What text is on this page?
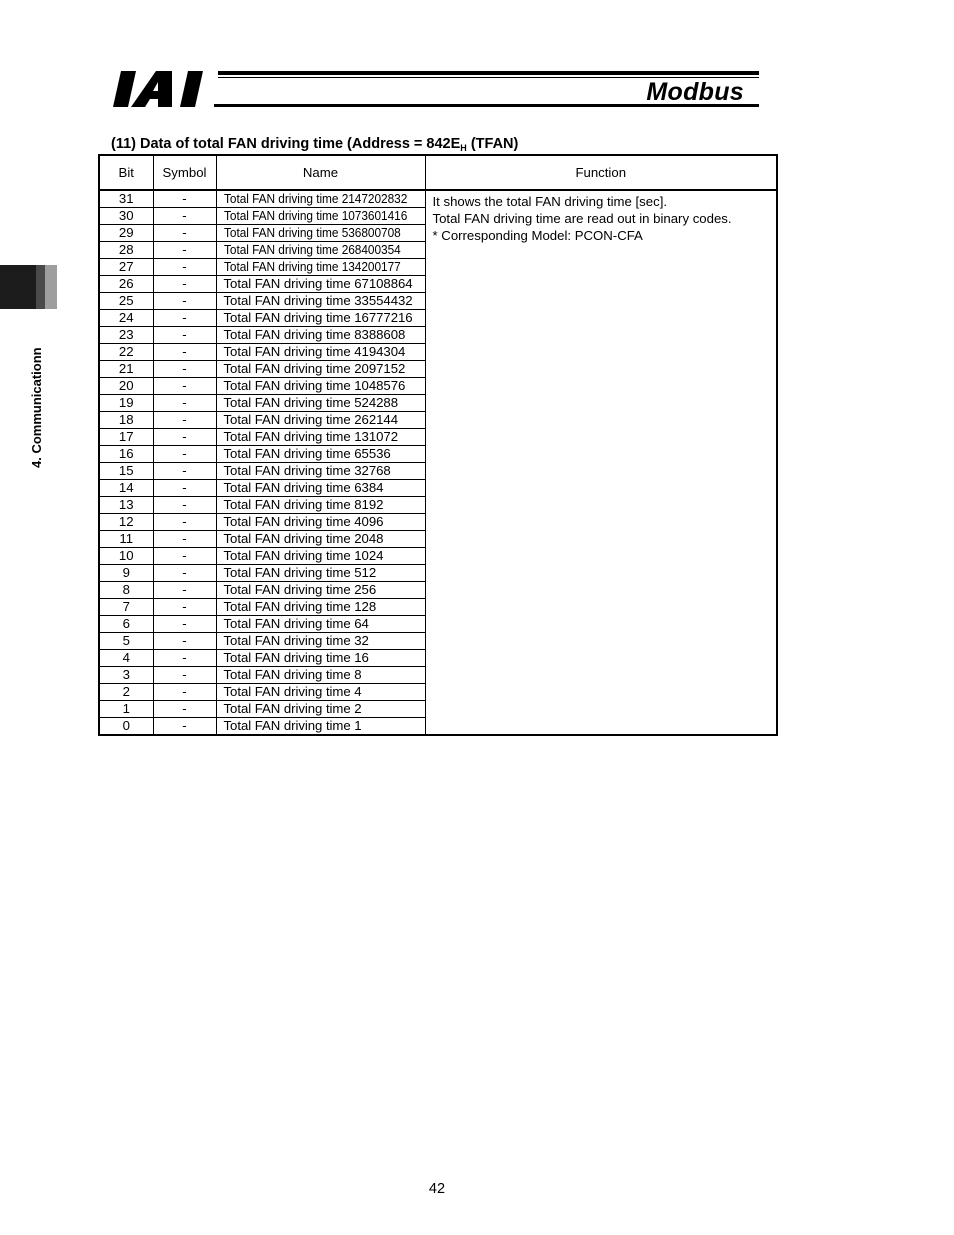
Modbus
4. Communicationn
(11) Data of total FAN driving time (Address = $842E_H$ (TFAN)
Bit	Symbol	Name	Function
31	-	Total FAN driving time 2147202832	It shows the total FAN driving time [sec].
Total FAN driving time are read out in binary codes.
* Corresponding Model: PCON-CFA

30	-	Total FAN driving time 1073601416	
29	-	Total FAN driving time 536800708	
28	-	Total FAN driving time 268400354	
27	-	Total FAN driving time 134200177	
26	-	Total FAN driving time 67108864	
25	-	Total FAN driving time 33554432	
24	-	Total FAN driving time 16777216	
23	-	Total FAN driving time 8388608	
22	-	Total FAN driving time 4194304	
21	-	Total FAN driving time 2097152	
20	-	Total FAN driving time 1048576	
19	-	Total FAN driving time 524288	
18	-	Total FAN driving time 262144	
17	-	Total FAN driving time 131072	
16	-	Total FAN driving time 65536	
15	-	Total FAN driving time 32768	
14	-	Total FAN driving time 6384	
13	-	Total FAN driving time 8192	
12	-	Total FAN driving time 4096	
11	-	Total FAN driving time 2048	
10	-	Total FAN driving time 1024	
9	-	Total FAN driving time 512	
8	-	Total FAN driving time 256	
7	-	Total FAN driving time 128	
6	-	Total FAN driving time 64	
5	-	Total FAN driving time 32	
4	-	Total FAN driving time 16	
3	-	Total FAN driving time 8	
2	-	Total FAN driving time 4	
1	-	Total FAN driving time 2	
0	-	Total FAN driving time 1	
42
